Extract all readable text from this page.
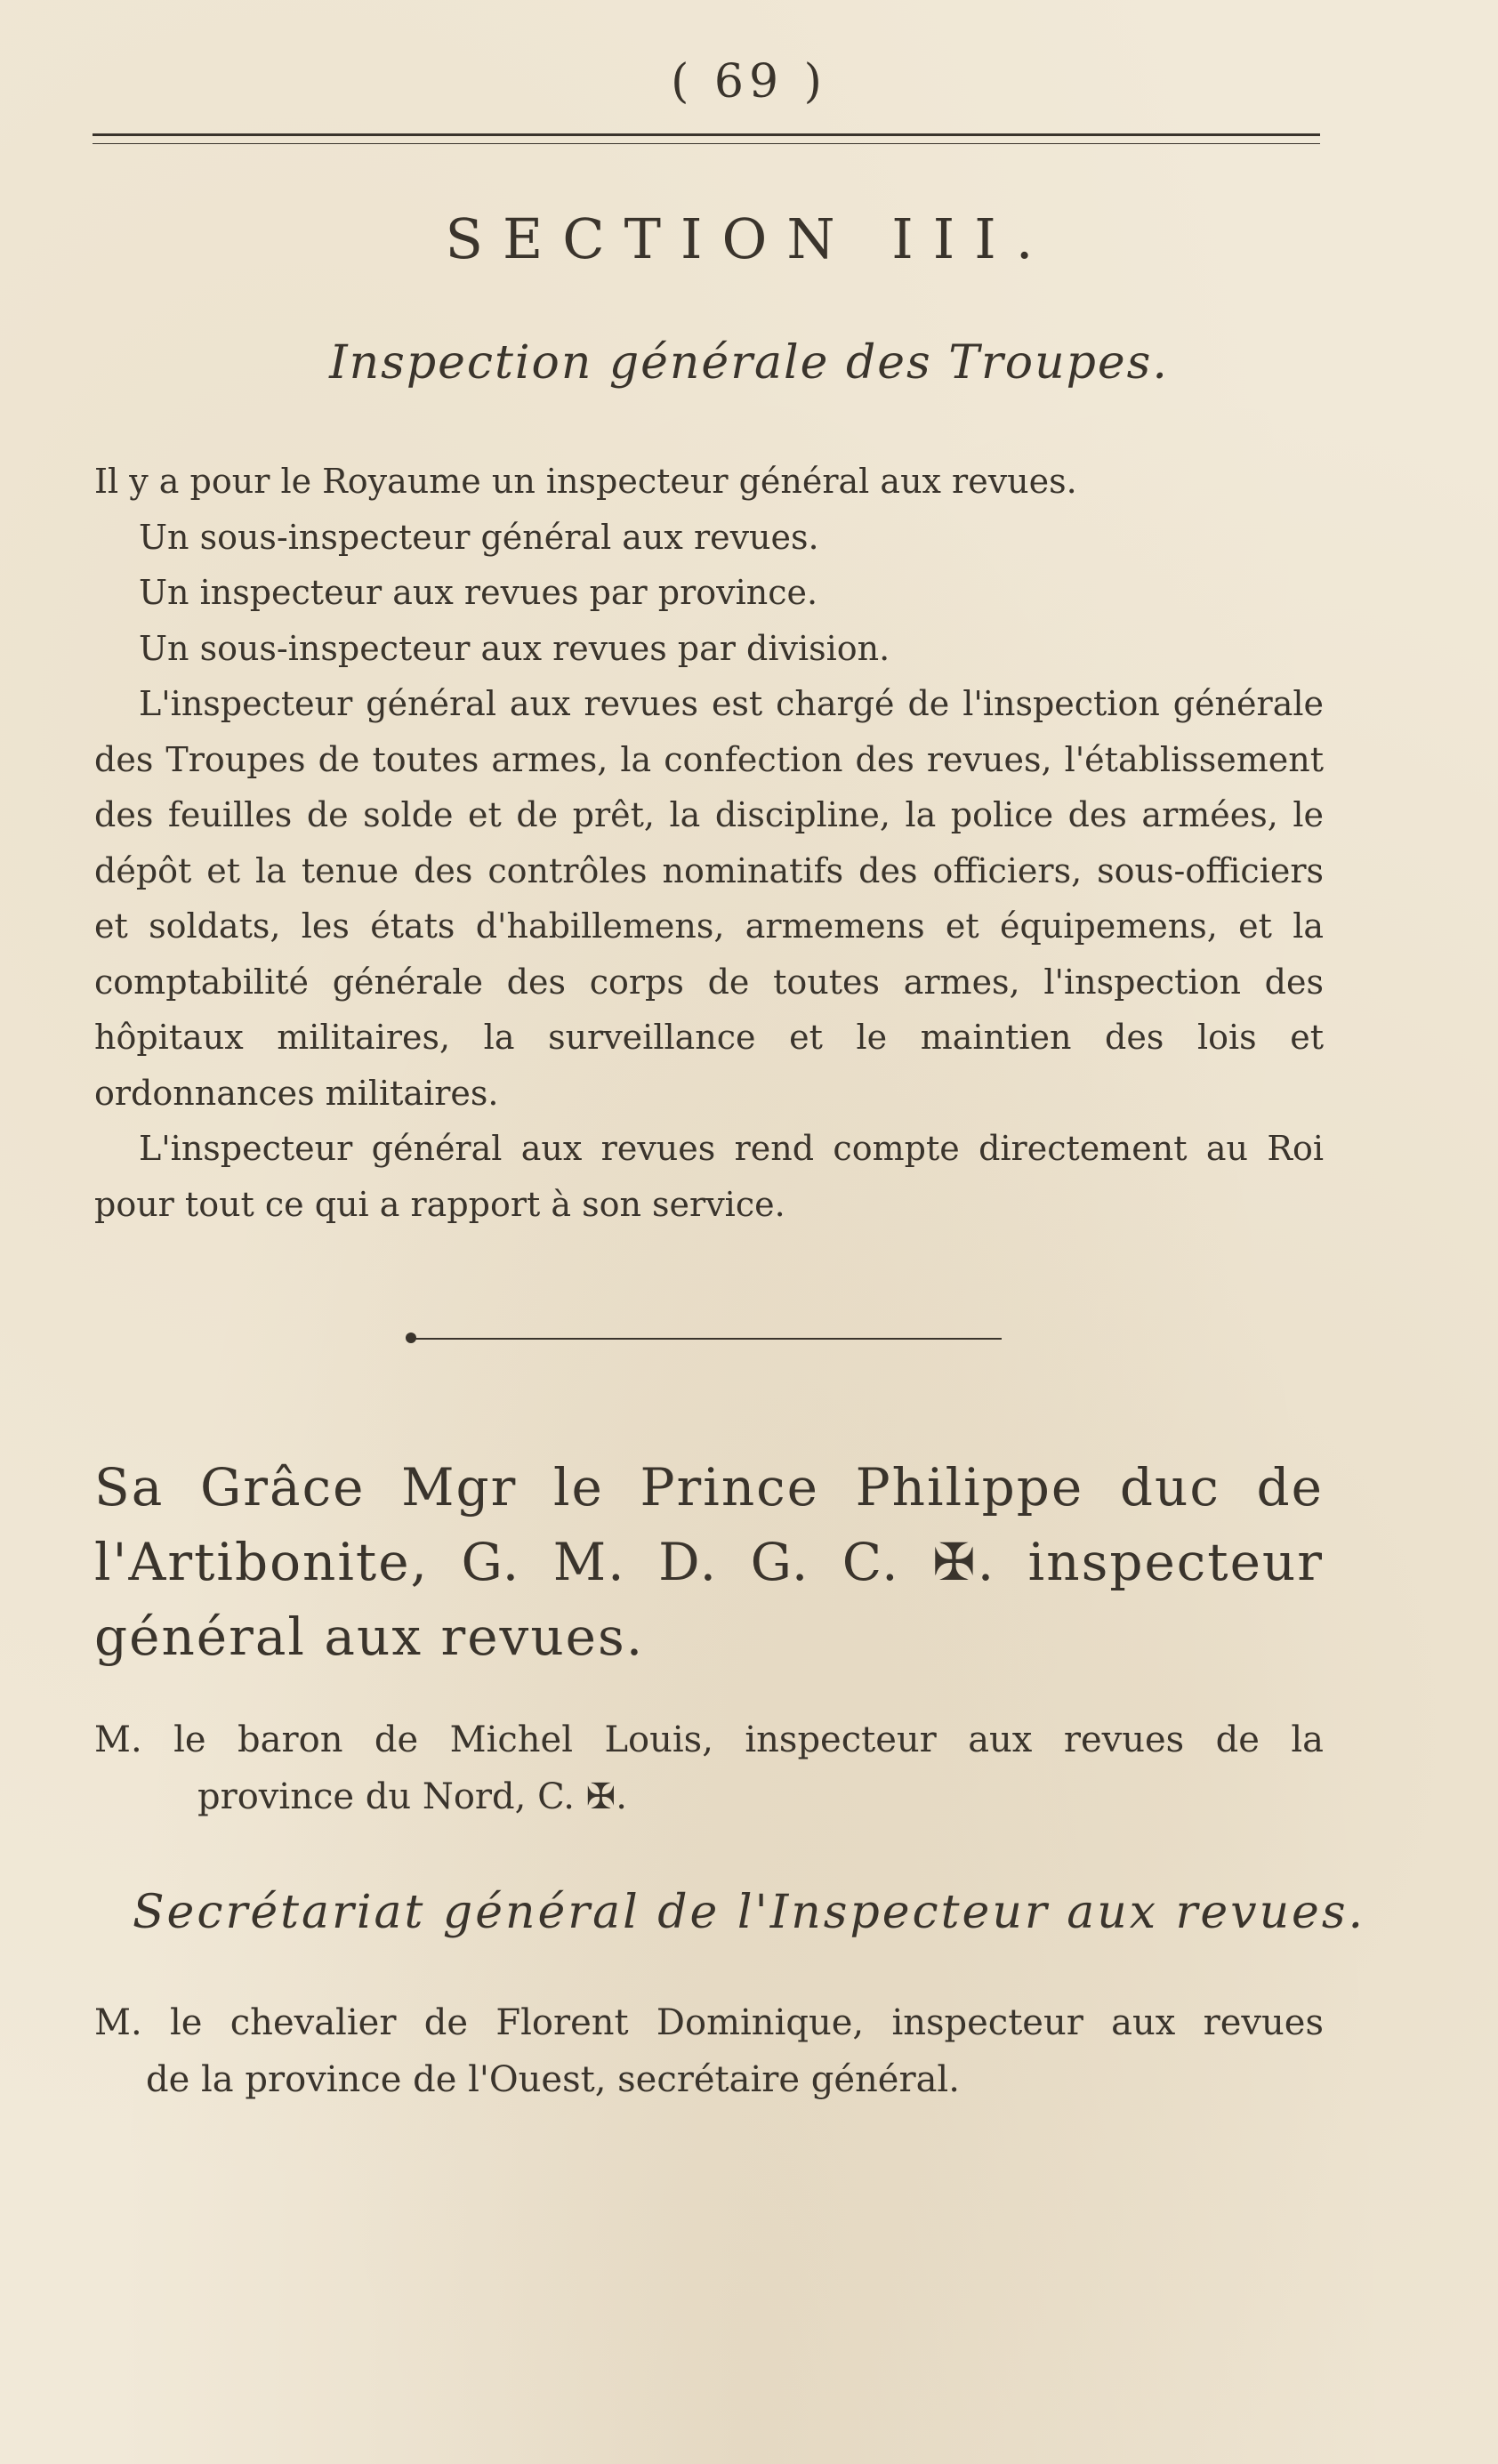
( 69 )
SECTION III.
Inspection générale des Troupes.

Il y a pour le Royaume un inspecteur général aux revues.

Un sous-inspecteur général aux revues.

Un inspecteur aux revues par province.

Un sous-inspecteur aux revues par division.

L'inspecteur général aux revues est chargé de l'inspection générale des Troupes de toutes armes, la confection des revues, l'établissement des feuilles de solde et de prêt, la discipline, la police des armées, le dépôt et la tenue des contrôles nominatifs des officiers, sous-officiers et soldats, les états d'habillemens, armemens et équipemens, et la comptabilité générale des corps de toutes armes, l'inspection des hôpitaux militaires, la surveillance et le maintien des lois et ordonnances militaires.

L'inspecteur général aux revues rend compte directement au Roi pour tout ce qui a rapport à son service.

Sa Grâce Mgr le Prince Philippe duc de l'Artibonite, G. M. D. G. C. ✠. inspecteur général aux revues.
M. le baron de Michel Louis, inspecteur aux revues de la
province du Nord, C. ✠.
Secrétariat général de l'Inspecteur aux revues.
M. le chevalier de Florent Dominique, inspecteur aux revues
de la province de l'Ouest, secrétaire général.
